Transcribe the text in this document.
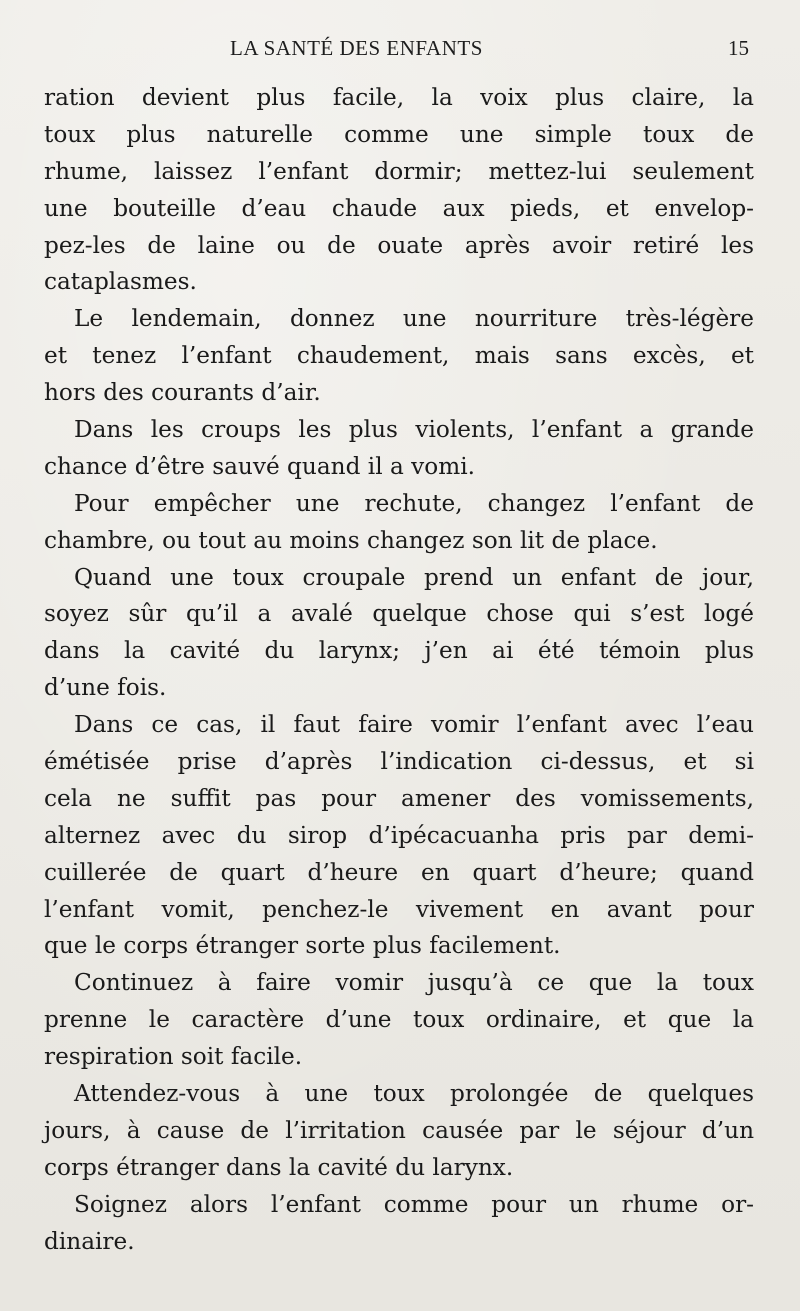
LA SANTÉ DES ENFANTS	15
ration devient plus facile, la voix plus claire, la
toux plus naturelle comme une simple toux de
rhume, laissez l’enfant dormir; mettez-lui seulement
une bouteille d’eau chaude aux pieds, et envelop-
pez-les de laine ou de ouate après avoir retiré les
cataplasmes.
Le lendemain, donnez une nourriture très-légère
et tenez l’enfant chaudement, mais sans excès, et
hors des courants d’air.
Dans les croups les plus violents, l’enfant a grande
chance d’être sauvé quand il a vomi.
Pour empêcher une rechute, changez l’enfant de
chambre, ou tout au moins changez son lit de place.
Quand une toux croupale prend un enfant de jour,
soyez sûr qu’il a avalé quelque chose qui s’est logé
dans la cavité du larynx; j’en ai été témoin plus
d’une fois.
Dans ce cas, il faut faire vomir l’enfant avec l’eau
émétisée prise d’après l’indication ci-dessus, et si
cela ne suffit pas pour amener des vomissements,
alternez avec du sirop d’ipécacuanha pris par demi-
cuillerée de quart d’heure en quart d’heure; quand
l’enfant vomit, penchez-le vivement en avant pour
que le corps étranger sorte plus facilement.
Continuez à faire vomir jusqu’à ce que la toux
prenne le caractère d’une toux ordinaire, et que la
respiration soit facile.
Attendez-vous à une toux prolongée de quelques
jours, à cause de l’irritation causée par le séjour d’un
corps étranger dans la cavité du larynx.
Soignez alors l’enfant comme pour un rhume or-
dinaire.
